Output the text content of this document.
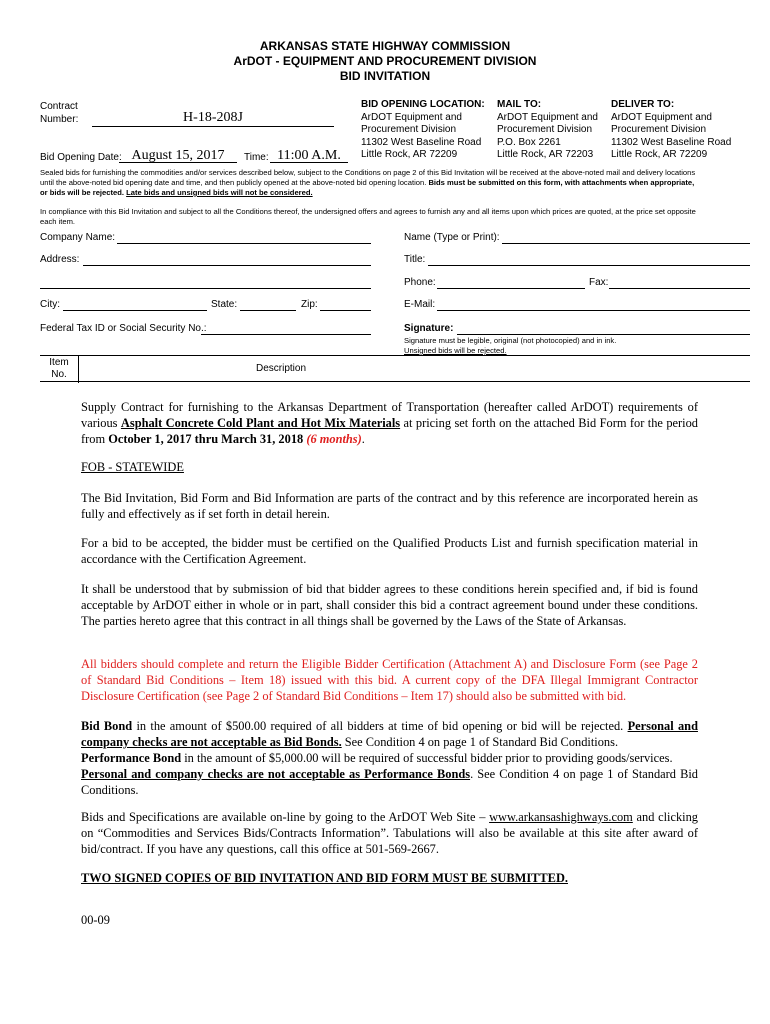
ARKANSAS STATE HIGHWAY COMMISSION
ArDOT - EQUIPMENT AND PROCUREMENT DIVISION
BID INVITATION
Contract
Number:	H-18-208J
Bid Opening Date: August 15, 2017	Time: 11:00 A.M.
BID OPENING LOCATION:
ArDOT Equipment and
Procurement Division
11302 West Baseline Road
Little Rock, AR 72209
MAIL TO:
ArDOT Equipment and
Procurement Division
P.O. Box 2261
Little Rock, AR 72203
DELIVER TO:
ArDOT Equipment and
Procurement Division
11302 West Baseline Road
Little Rock, AR 72209
Sealed bids for furnishing the commodities and/or services described below, subject to the Conditions on page 2 of this Bid Invitation will be received at the above-noted mail and delivery locations until the above-noted bid opening date and time, and then publicly opened at the above-noted bid opening location. Bids must be submitted on this form, with attachments when appropriate, or bids will be rejected. Late bids and unsigned bids will not be considered.
In compliance with this Bid Invitation and subject to all the Conditions thereof, the undersigned offers and agrees to furnish any and all items upon which prices are quoted, at the price set opposite each item.
Company Name:
Address:
City:	State:	Zip:
Federal Tax ID or Social Security No.:
Name (Type or Print):
Title:
Phone:	Fax:
E-Mail:
Signature:
Signature must be legible, original (not photocopied) and in ink.
Unsigned bids will be rejected.
Item
No.
Description
Supply Contract for furnishing to the Arkansas Department of Transportation (hereafter called ArDOT) requirements of various Asphalt Concrete Cold Plant and Hot Mix Materials at pricing set forth on the attached Bid Form for the period from October 1, 2017 thru March 31, 2018 (6 months).
FOB - STATEWIDE
The Bid Invitation, Bid Form and Bid Information are parts of the contract and by this reference are incorporated herein as fully and effectively as if set forth in detail herein.
For a bid to be accepted, the bidder must be certified on the Qualified Products List and furnish specification material in accordance with the Certification Agreement.
It shall be understood that by submission of bid that bidder agrees to these conditions herein specified and, if bid is found acceptable by ArDOT either in whole or in part, shall consider this bid a contract agreement bound under these conditions. The parties hereto agree that this contract in all things shall be governed by the Laws of the State of Arkansas.
All bidders should complete and return the Eligible Bidder Certification (Attachment A) and Disclosure Form (see Page 2 of Standard Bid Conditions – Item 18) issued with this bid. A current copy of the DFA Illegal Immigrant Contractor Disclosure Certification (see Page 2 of Standard Bid Conditions – Item 17) should also be submitted with bid.
Bid Bond in the amount of $500.00 required of all bidders at time of bid opening or bid will be rejected. Personal and company checks are not acceptable as Bid Bonds. See Condition 4 on page 1 of Standard Bid Conditions.
Performance Bond in the amount of $5,000.00 will be required of successful bidder prior to providing goods/services.
Personal and company checks are not acceptable as Performance Bonds. See Condition 4 on page 1 of Standard Bid Conditions.
Bids and Specifications are available on-line by going to the ArDOT Web Site – www.arkansashighways.com and clicking on “Commodities and Services Bids/Contracts Information”. Tabulations will also be available at this site after award of bid/contract. If you have any questions, call this office at 501-569-2667.
TWO SIGNED COPIES OF BID INVITATION AND BID FORM MUST BE SUBMITTED.
00-09
